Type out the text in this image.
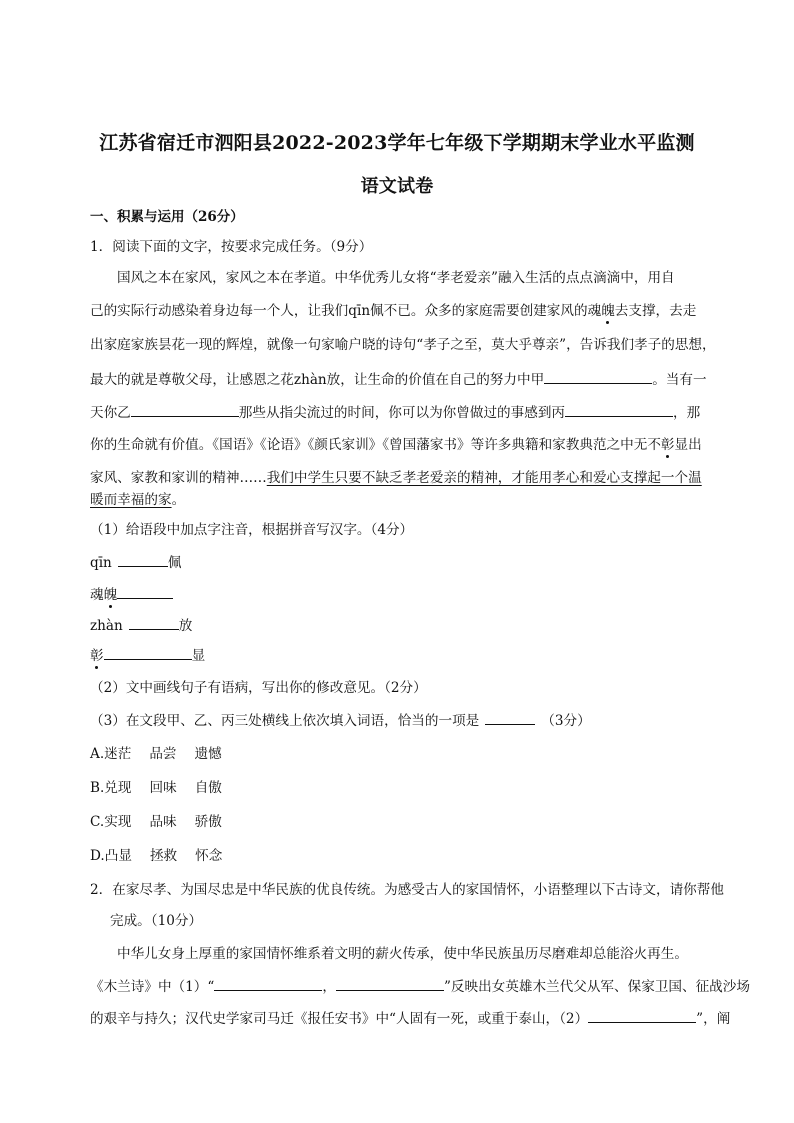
江苏省宿迁市泗阳县2022-2023学年七年级下学期期末学业水平监测
语文试卷
一、积累与运用（26分）
1．阅读下面的文字，按要求完成任务。（9分）
国风之本在家风，家风之本在孝道。中华优秀儿女将“孝老爱亲”融入生活的点点滴滴中，用自
己的实际行动感染着身边每一个人，让我们qīn佩不已。众多的家庭需要创建家风的魂魄去支撑，去走
出家庭家族昙花一现的辉煌，就像一句家喻户晓的诗句“孝子之至，莫大乎尊亲”，告诉我们孝子的思想，
最大的就是尊敬父母，让感恩之花zhàn放，让生命的价值在自己的努力中甲	。当有一
天你乙	那些从指尖流过的时间，你可以为你曾做过的事感到丙	，那
你的生命就有价值。《国语》《论语》《颜氏家训》《曾国藩家书》等许多典籍和家教典范之中无不彰显出
家风、家教和家训的精神……我们中学生只要不缺乏孝老爱亲的精神，才能用孝心和爱心支撑起一个温
暖而幸福的家。
（1）给语段中加点字注音，根据拼音写汉字。（4分）
qīn	佩
魂魄
zhàn	放
彰	显
（2）文中画线句子有语病，写出你的修改意见。（2分）
（3）在文段甲、乙、丙三处横线上依次填入词语，恰当的一项是	（3分）
A.迷茫 品尝 遗憾
B.兑现 回味 自傲
C.实现 品味 骄傲
D.凸显 拯救 怀念
2．在家尽孝、为国尽忠是中华民族的优良传统。为感受古人的家国情怀，小语整理以下古诗文，请你帮他
完成。（10分）
中华儿女身上厚重的家国情怀维系着文明的薪火传承，使中华民族虽历尽磨难却总能浴火再生。
《木兰诗》中（1）“	，	”反映出女英雄木兰代父从军、保家卫国、征战沙场
的艰辛与持久；汉代史学家司马迁《报任安书》中“人固有一死，或重于泰山，（2）	”，阐
